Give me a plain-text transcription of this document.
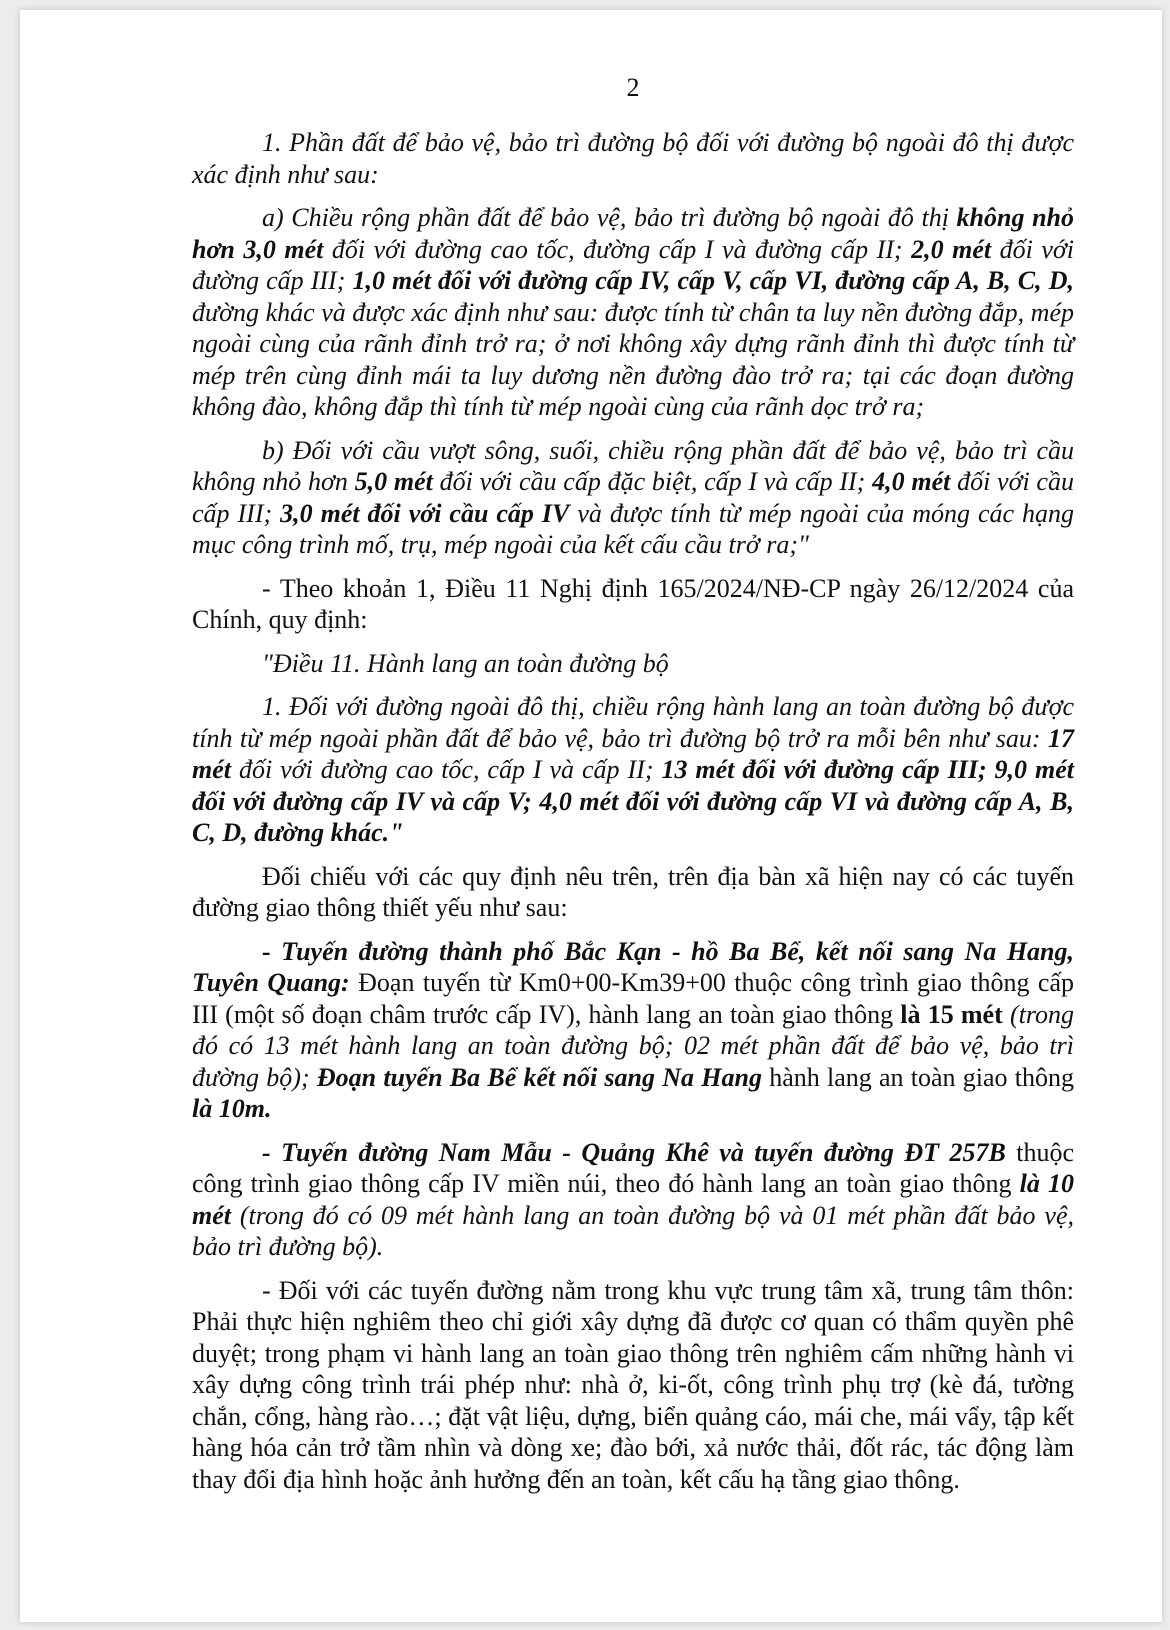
2

1. Phần đất để bảo vệ, bảo trì đường bộ đối với đường bộ ngoài đô thị được xác định như sau:

a) Chiều rộng phần đất để bảo vệ, bảo trì đường bộ ngoài đô thị không nhỏ hơn 3,0 mét đối với đường cao tốc, đường cấp I và đường cấp II; 2,0 mét đối với đường cấp III; 1,0 mét đối với đường cấp IV, cấp V, cấp VI, đường cấp A, B, C, D, đường khác và được xác định như sau: được tính từ chân ta luy nền đường đắp, mép ngoài cùng của rãnh đỉnh trở ra; ở nơi không xây dựng rãnh đỉnh thì được tính từ mép trên cùng đỉnh mái ta luy dương nền đường đào trở ra; tại các đoạn đường không đào, không đắp thì tính từ mép ngoài cùng của rãnh dọc trở ra;

b) Đối với cầu vượt sông, suối, chiều rộng phần đất để bảo vệ, bảo trì cầu không nhỏ hơn 5,0 mét đối với cầu cấp đặc biệt, cấp I và cấp II; 4,0 mét đối với cầu cấp III; 3,0 mét đối với cầu cấp IV và được tính từ mép ngoài của móng các hạng mục công trình mố, trụ, mép ngoài của kết cấu cầu trở ra;"

- Theo khoản 1, Điều 11 Nghị định 165/2024/NĐ-CP ngày 26/12/2024 của Chính, quy định:

"Điều 11. Hành lang an toàn đường bộ

1. Đối với đường ngoài đô thị, chiều rộng hành lang an toàn đường bộ được tính từ mép ngoài phần đất để bảo vệ, bảo trì đường bộ trở ra mỗi bên như sau: 17 mét đối với đường cao tốc, cấp I và cấp II; 13 mét đối với đường cấp III; 9,0 mét đối với đường cấp IV và cấp V; 4,0 mét đối với đường cấp VI và đường cấp A, B, C, D, đường khác."

Đối chiếu với các quy định nêu trên, trên địa bàn xã hiện nay có các tuyến đường giao thông thiết yếu như sau:

- Tuyến đường thành phố Bắc Kạn - hồ Ba Bể, kết nối sang Na Hang, Tuyên Quang: Đoạn tuyến từ Km0+00-Km39+00 thuộc công trình giao thông cấp III (một số đoạn châm trước cấp IV), hành lang an toàn giao thông là 15 mét (trong đó có 13 mét hành lang an toàn đường bộ; 02 mét phần đất để bảo vệ, bảo trì đường bộ); Đoạn tuyến Ba Bể kết nối sang Na Hang hành lang an toàn giao thông là 10m.

- Tuyến đường Nam Mẫu - Quảng Khê và tuyến đường ĐT 257B thuộc công trình giao thông cấp IV miền núi, theo đó hành lang an toàn giao thông là 10 mét (trong đó có 09 mét hành lang an toàn đường bộ và 01 mét phần đất bảo vệ, bảo trì đường bộ).

- Đối với các tuyến đường nằm trong khu vực trung tâm xã, trung tâm thôn: Phải thực hiện nghiêm theo chỉ giới xây dựng đã được cơ quan có thẩm quyền phê duyệt; trong phạm vi hành lang an toàn giao thông trên nghiêm cấm những hành vi xây dựng công trình trái phép như: nhà ở, ki-ốt, công trình phụ trợ (kè đá, tường chắn, cổng, hàng rào…; đặt vật liệu, dựng, biển quảng cáo, mái che, mái vẩy, tập kết hàng hóa cản trở tầm nhìn và dòng xe; đào bới, xả nước thải, đốt rác, tác động làm thay đổi địa hình hoặc ảnh hưởng đến an toàn, kết cấu hạ tầng giao thông.
